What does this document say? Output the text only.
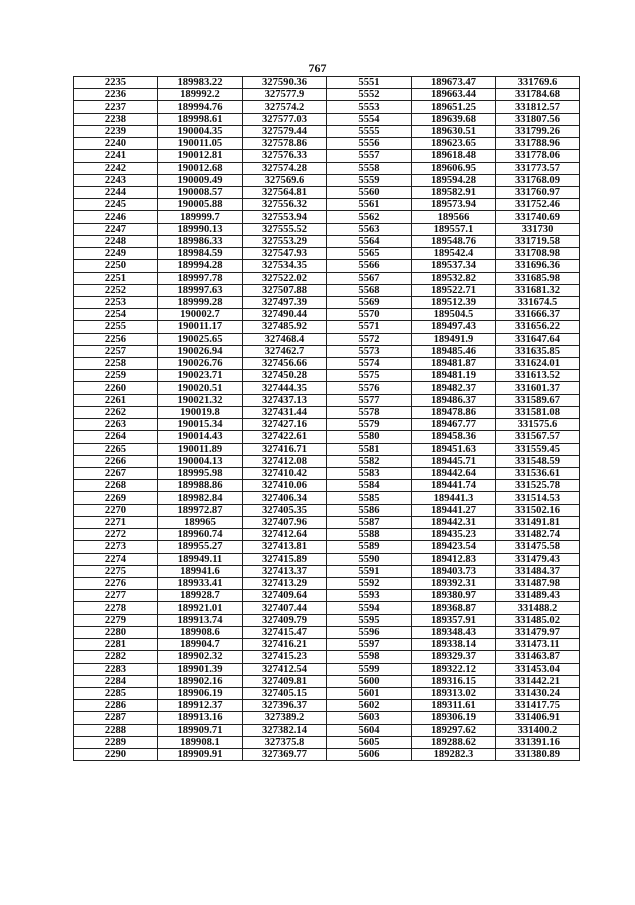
767
2235	189983.22	327590.36	5551	189673.47	331769.6
2236	189992.2	327577.9	5552	189663.44	331784.68
2237	189994.76	327574.2	5553	189651.25	331812.57
2238	189998.61	327577.03	5554	189639.68	331807.56
2239	190004.35	327579.44	5555	189630.51	331799.26
2240	190011.05	327578.86	5556	189623.65	331788.96
2241	190012.81	327576.33	5557	189618.48	331778.06
2242	190012.68	327574.28	5558	189606.95	331773.57
2243	190009.49	327569.6	5559	189594.28	331768.09
2244	190008.57	327564.81	5560	189582.91	331760.97
2245	190005.88	327556.32	5561	189573.94	331752.46
2246	189999.7	327553.94	5562	189566	331740.69
2247	189990.13	327555.52	5563	189557.1	331730
2248	189986.33	327553.29	5564	189548.76	331719.58
2249	189984.59	327547.93	5565	189542.4	331708.98
2250	189994.28	327534.35	5566	189537.34	331696.36
2251	189997.78	327522.02	5567	189532.82	331685.98
2252	189997.63	327507.88	5568	189522.71	331681.32
2253	189999.28	327497.39	5569	189512.39	331674.5
2254	190002.7	327490.44	5570	189504.5	331666.37
2255	190011.17	327485.92	5571	189497.43	331656.22
2256	190025.65	327468.4	5572	189491.9	331647.64
2257	190026.94	327462.7	5573	189485.46	331635.85
2258	190026.76	327456.66	5574	189481.87	331624.01
2259	190023.71	327450.28	5575	189481.19	331613.52
2260	190020.51	327444.35	5576	189482.37	331601.37
2261	190021.32	327437.13	5577	189486.37	331589.67
2262	190019.8	327431.44	5578	189478.86	331581.08
2263	190015.34	327427.16	5579	189467.77	331575.6
2264	190014.43	327422.61	5580	189458.36	331567.57
2265	190011.89	327416.71	5581	189451.63	331559.45
2266	190004.13	327412.08	5582	189445.71	331548.59
2267	189995.98	327410.42	5583	189442.64	331536.61
2268	189988.86	327410.06	5584	189441.74	331525.78
2269	189982.84	327406.34	5585	189441.3	331514.53
2270	189972.87	327405.35	5586	189441.27	331502.16
2271	189965	327407.96	5587	189442.31	331491.81
2272	189960.74	327412.64	5588	189435.23	331482.74
2273	189955.27	327413.81	5589	189423.54	331475.58
2274	189949.11	327415.89	5590	189412.83	331479.43
2275	189941.6	327413.37	5591	189403.73	331484.37
2276	189933.41	327413.29	5592	189392.31	331487.98
2277	189928.7	327409.64	5593	189380.97	331489.43
2278	189921.01	327407.44	5594	189368.87	331488.2
2279	189913.74	327409.79	5595	189357.91	331485.02
2280	189908.6	327415.47	5596	189348.43	331479.97
2281	189904.7	327416.21	5597	189338.14	331473.11
2282	189902.32	327415.23	5598	189329.37	331463.87
2283	189901.39	327412.54	5599	189322.12	331453.04
2284	189902.16	327409.81	5600	189316.15	331442.21
2285	189906.19	327405.15	5601	189313.02	331430.24
2286	189912.37	327396.37	5602	189311.61	331417.75
2287	189913.16	327389.2	5603	189306.19	331406.91
2288	189909.71	327382.14	5604	189297.62	331400.2
2289	189908.1	327375.8	5605	189288.62	331391.16
2290	189909.91	327369.77	5606	189282.3	331380.89
